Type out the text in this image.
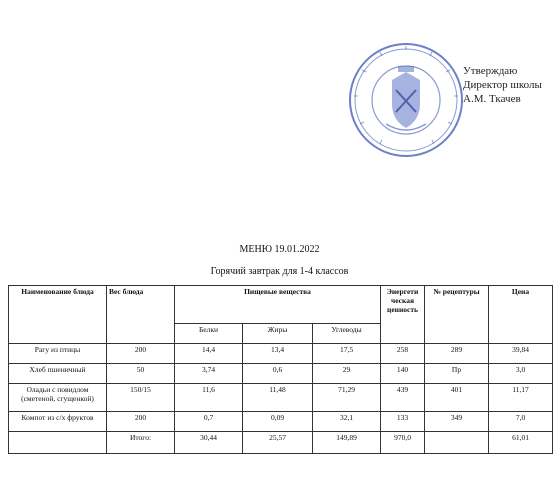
Утверждаю
Директор школы
А.М. Ткачев
МЕНЮ 19.01.2022
Горячий завтрак для 1-4 классов
Наименование блюда	Вес блюда	Пищевые вещества			Энергети ческая ценность	№ рецептуры	Цена
		Белки	Жиры	Углеводы			
Рагу из птицы	200	14,4	13,4	17,5	258	289	39,84
Хлеб пшеничный	50	3,74	0,6	29	140	Пр	3,0
Оладьи с повидлом (сметеной, сгущенкой)	150/15	11,6	11,48	71,29	439	401	11,17
Компот из с/х фруктов	200	0,7	0,09	32,1	133	349	7,0
	Итого:	30,44	25,57	149,89	970,0		61,01
